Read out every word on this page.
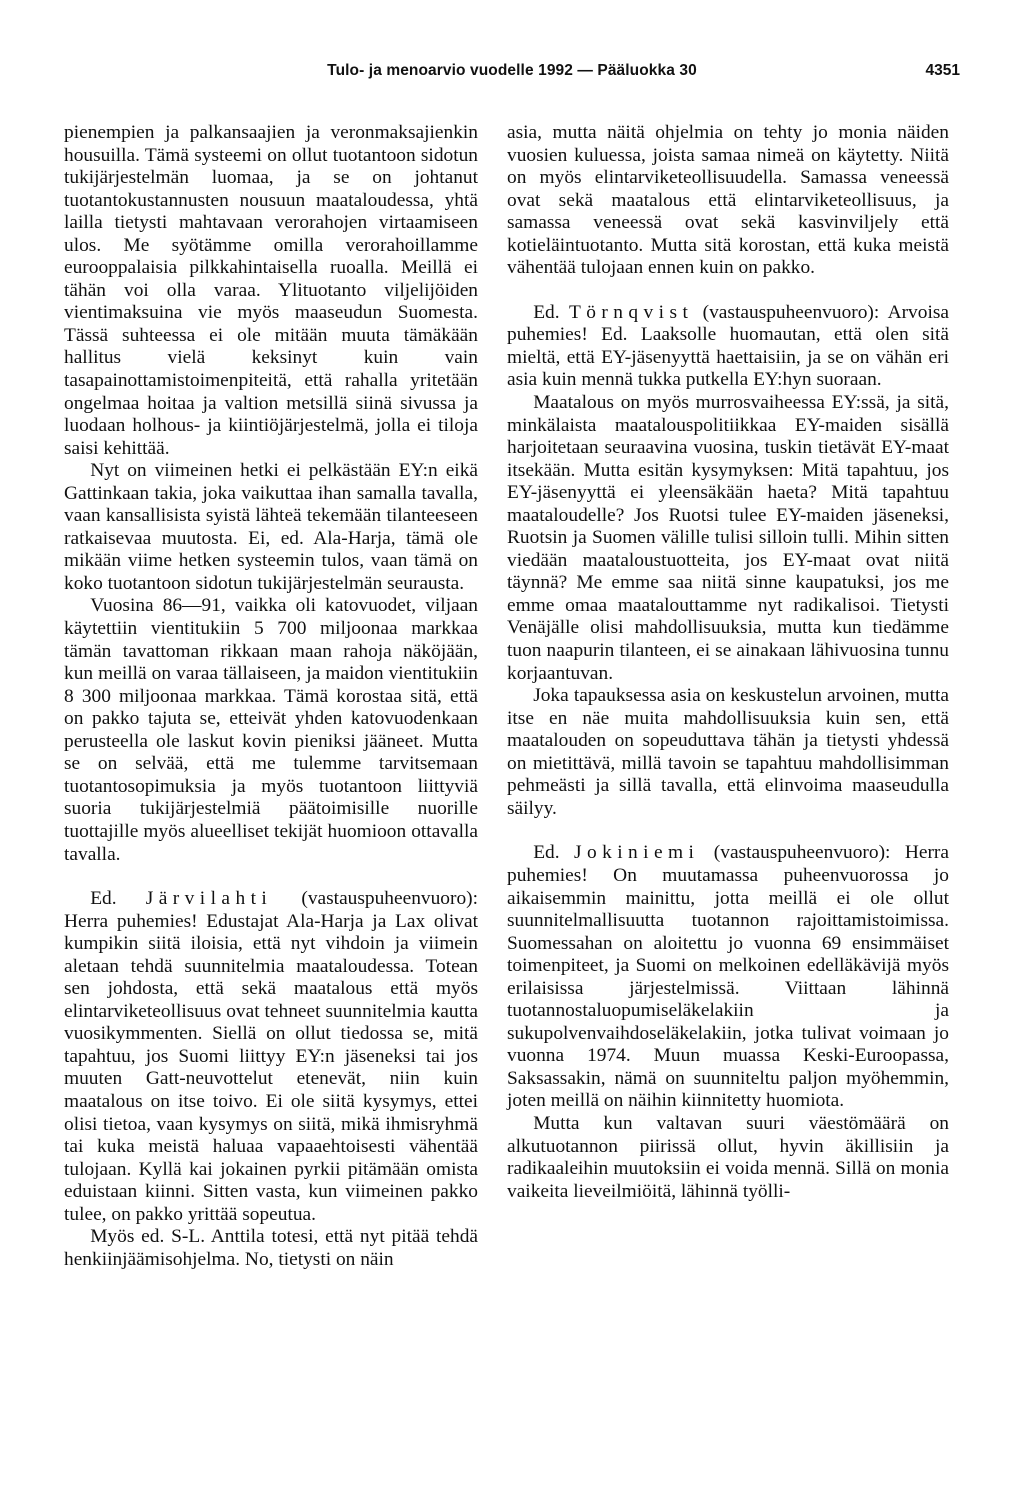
Tulo- ja menoarvio vuodelle 1992 — Pääluokka 30	4351

pienempien ja palkansaajien ja veronmaksajienkin housuilla. Tämä systeemi on ollut tuotantoon sidotun tukijärjestelmän luomaa, ja se on johtanut tuotantokustannusten nousuun maataloudessa, yhtä lailla tietysti mahtavaan verorahojen virtaamiseen ulos. Me syötämme omilla verorahoillamme eurooppalaisia pilkkahintaisella ruoalla. Meillä ei tähän voi olla varaa. Ylituotanto viljelijöiden vientimaksuina vie myös maaseudun Suomesta. Tässä suhteessa ei ole mitään muuta tämäkään hallitus vielä keksinyt kuin vain tasapainottamistoimenpiteitä, että rahalla yritetään ongelmaa hoitaa ja valtion metsillä siinä sivussa ja luodaan holhous- ja kiintiöjärjestelmä, jolla ei tiloja saisi kehittää.

Nyt on viimeinen hetki ei pelkästään EY:n eikä Gattinkaan takia, joka vaikuttaa ihan samalla tavalla, vaan kansallisista syistä lähteä tekemään tilanteeseen ratkaisevaa muutosta. Ei, ed. Ala-Harja, tämä ole mikään viime hetken systeemin tulos, vaan tämä on koko tuotantoon sidotun tukijärjestelmän seurausta.

Vuosina 86—91, vaikka oli katovuodet, viljaan käytettiin vientitukiin 5 700 miljoonaa markkaa tämän tavattoman rikkaan maan rahoja näköjään, kun meillä on varaa tällaiseen, ja maidon vientitukiin 8 300 miljoonaa markkaa. Tämä korostaa sitä, että on pakko tajuta se, etteivät yhden katovuodenkaan perusteella ole laskut kovin pieniksi jääneet. Mutta se on selvää, että me tulemme tarvitsemaan tuotantosopimuksia ja myös tuotantoon liittyviä suoria tukijärjestelmiä päätoimisille nuorille tuottajille myös alueelliset tekijät huomioon ottavalla tavalla.

Ed. Järvilahti (vastauspuheenvuoro): Herra puhemies! Edustajat Ala-Harja ja Lax olivat kumpikin siitä iloisia, että nyt vihdoin ja viimein aletaan tehdä suunnitelmia maataloudessa. Totean sen johdosta, että sekä maatalous että myös elintarviketeollisuus ovat tehneet suunnitelmia kautta vuosikymmenten. Siellä on ollut tiedossa se, mitä tapahtuu, jos Suomi liittyy EY:n jäseneksi tai jos muuten Gatt-neuvottelut etenevät, niin kuin maatalous on itse toivo. Ei ole siitä kysymys, ettei olisi tietoa, vaan kysymys on siitä, mikä ihmisryhmä tai kuka meistä haluaa vapaaehtoisesti vähentää tulojaan. Kyllä kai jokainen pyrkii pitämään omista eduistaan kiinni. Sitten vasta, kun viimeinen pakko tulee, on pakko yrittää sopeutua.

Myös ed. S-L. Anttila totesi, että nyt pitää tehdä henkiinjäämisohjelma. No, tietysti on näin

asia, mutta näitä ohjelmia on tehty jo monia näiden vuosien kuluessa, joista samaa nimeä on käytetty. Niitä on myös elintarviketeollisuudella. Samassa veneessä ovat sekä maatalous että elintarviketeollisuus, ja samassa veneessä ovat sekä kasvinviljely että kotieläintuotanto. Mutta sitä korostan, että kuka meistä vähentää tulojaan ennen kuin on pakko.

Ed. Törnqvist (vastauspuheenvuoro): Arvoisa puhemies! Ed. Laaksolle huomautan, että olen sitä mieltä, että EY-jäsenyyttä haettaisiin, ja se on vähän eri asia kuin mennä tukka putkella EY:hyn suoraan.

Maatalous on myös murrosvaiheessa EY:ssä, ja sitä, minkälaista maatalouspolitiikkaa EY-maiden sisällä harjoitetaan seuraavina vuosina, tuskin tietävät EY-maat itsekään. Mutta esitän kysymyksen: Mitä tapahtuu, jos EY-jäsenyyttä ei yleensäkään haeta? Mitä tapahtuu maataloudelle? Jos Ruotsi tulee EY-maiden jäseneksi, Ruotsin ja Suomen välille tulisi silloin tulli. Mihin sitten viedään maataloustuotteita, jos EY-maat ovat niitä täynnä? Me emme saa niitä sinne kaupatuksi, jos me emme omaa maatalouttamme nyt radikalisoi. Tietysti Venäjälle olisi mahdollisuuksia, mutta kun tiedämme tuon naapurin tilanteen, ei se ainakaan lähivuosina tunnu korjaantuvan.

Joka tapauksessa asia on keskustelun arvoinen, mutta itse en näe muita mahdollisuuksia kuin sen, että maatalouden on sopeuduttava tähän ja tietysti yhdessä on mietittävä, millä tavoin se tapahtuu mahdollisimman pehmeästi ja sillä tavalla, että elinvoima maaseudulla säilyy.

Ed. Jokiniemi (vastauspuheenvuoro): Herra puhemies! On muutamassa puheenvuorossa jo aikaisemmin mainittu, jotta meillä ei ole ollut suunnitelmallisuutta tuotannon rajoittamistoimissa. Suomessahan on aloitettu jo vuonna 69 ensimmäiset toimenpiteet, ja Suomi on melkoinen edelläkävijä myös erilaisissa järjestelmissä. Viittaan lähinnä tuotannostaluopumiseläkelakiin ja sukupolvenvaihdoseläkelakiin, jotka tulivat voimaan jo vuonna 1974. Muun muassa Keski-Euroopassa, Saksassakin, nämä on suunniteltu paljon myöhemmin, joten meillä on näihin kiinnitetty huomiota.

Mutta kun valtavan suuri väestömäärä on alkutuotannon piirissä ollut, hyvin äkillisiin ja radikaaleihin muutoksiin ei voida mennä. Sillä on monia vaikeita lieveilmiöitä, lähinnä työlli-
